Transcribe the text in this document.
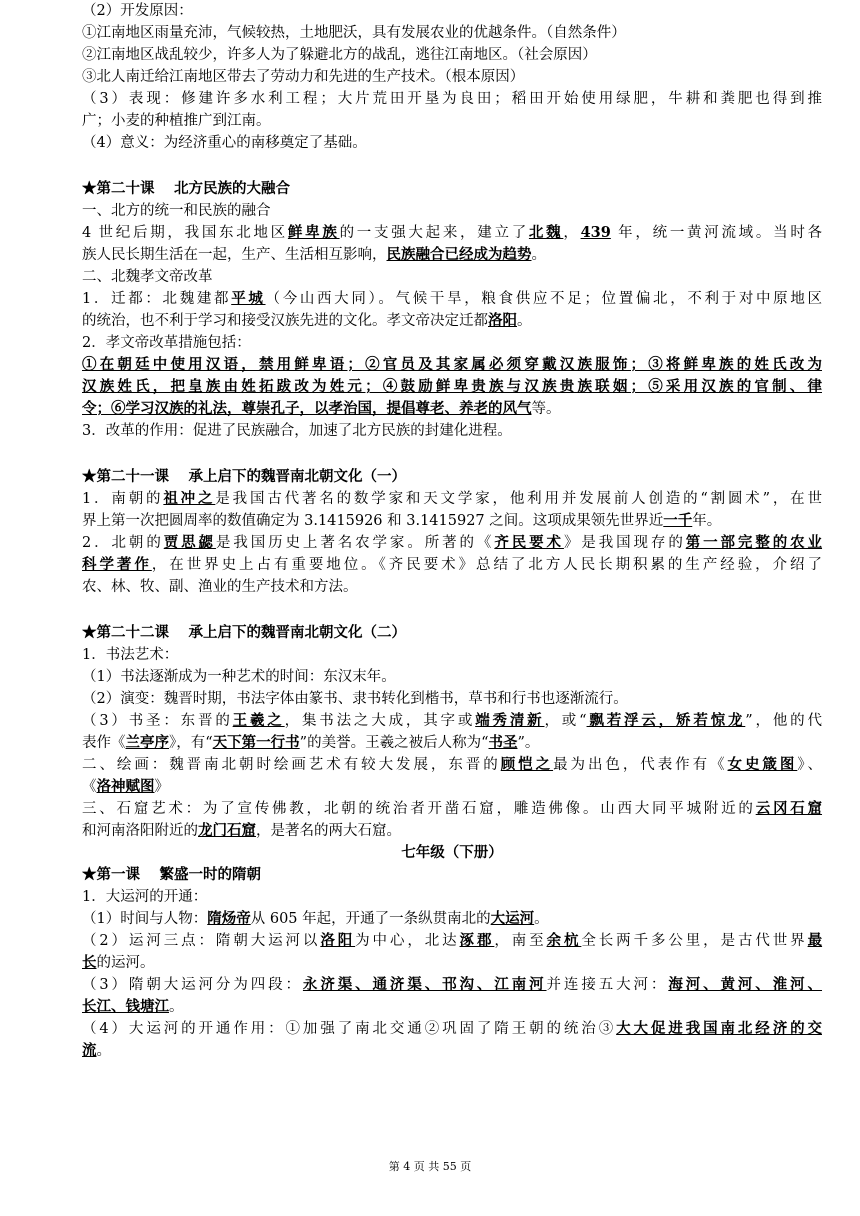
（2）开发原因：
①江南地区雨量充沛，气候较热，土地肥沃，具有发展农业的优越条件。（自然条件）
②江南地区战乱较少，许多人为了躲避北方的战乱，逃往江南地区。（社会原因）
③北人南迁给江南地区带去了劳动力和先进的生产技术。（根本原因）
（3）表现：修建许多水利工程；大片荒田开垦为良田；稻田开始使用绿肥，牛耕和粪肥也得到推
广；小麦的种植推广到江南。
（4）意义：为经济重心的南移奠定了基础。
★第二十课　 北方民族的大融合
一、北方的统一和民族的融合
4 世纪后期，我国东北地区鲜卑族的一支强大起来，建立了北魏，439 年，统一黄河流域。当时各
族人民长期生活在一起，生产、生活相互影响，民族融合已经成为趋势。
二、北魏孝文帝改革
1．迁都：北魏建都平城（今山西大同）。气候干旱，粮食供应不足；位置偏北，不利于对中原地区
的统治，也不利于学习和接受汉族先进的文化。孝文帝决定迁都洛阳。
2．孝文帝改革措施包括：
①在朝廷中使用汉语，禁用鲜卑语；②官员及其家属必须穿戴汉族服饰；③将鲜卑族的姓氏改为
汉族姓氏，把皇族由姓拓跋改为姓元；④鼓励鲜卑贵族与汉族贵族联姻；⑤采用汉族的官制、律
令；⑥学习汉族的礼法，尊崇孔子，以孝治国，提倡尊老、养老的风气等。
3．改革的作用：促进了民族融合，加速了北方民族的封建化进程。
★第二十一课　 承上启下的魏晋南北朝文化（一）
1．南朝的祖冲之是我国古代著名的数学家和天文学家，他利用并发展前人创造的“割圆术”，在世
界上第一次把圆周率的数值确定为 3.1415926 和 3.1415927 之间。这项成果领先世界近一千年。
2．北朝的贾思勰是我国历史上著名农学家。所著的《齐民要术》是我国现存的第一部完整的农业
科学著作，在世界史上占有重要地位。《齐民要术》总结了北方人民长期积累的生产经验，介绍了
农、林、牧、副、渔业的生产技术和方法。
★第二十二课　 承上启下的魏晋南北朝文化（二）
1．书法艺术：
（1）书法逐渐成为一种艺术的时间：东汉末年。
（2）演变：魏晋时期，书法字体由篆书、隶书转化到楷书，草书和行书也逐渐流行。
（3）书圣：东晋的王羲之，集书法之大成，其字或端秀清新，或“飘若浮云，矫若惊龙”，他的代
表作《兰亭序》，有“天下第一行书”的美誉。王羲之被后人称为“书圣”。
二、绘画：魏晋南北朝时绘画艺术有较大发展，东晋的顾恺之最为出色，代表作有《女史箴图》、
《洛神赋图》
三、石窟艺术：为了宣传佛教，北朝的统治者开凿石窟，雕造佛像。山西大同平城附近的云冈石窟
和河南洛阳附近的龙门石窟，是著名的两大石窟。
七年级（下册）
★第一课　 繁盛一时的隋朝
1．大运河的开通：
（1）时间与人物：隋炀帝从 605 年起，开通了一条纵贯南北的大运河。
（2）运河三点：隋朝大运河以洛阳为中心，北达涿郡，南至余杭全长两千多公里，是古代世界最
长的运河。
（3）隋朝大运河分为四段：永济渠、通济渠、邗沟、江南河并连接五大河：海河、黄河、淮河、
长江、钱塘江。
（4）大运河的开通作用：①加强了南北交通②巩固了隋王朝的统治③大大促进我国南北经济的交
流。
第 4 页 共 55 页
